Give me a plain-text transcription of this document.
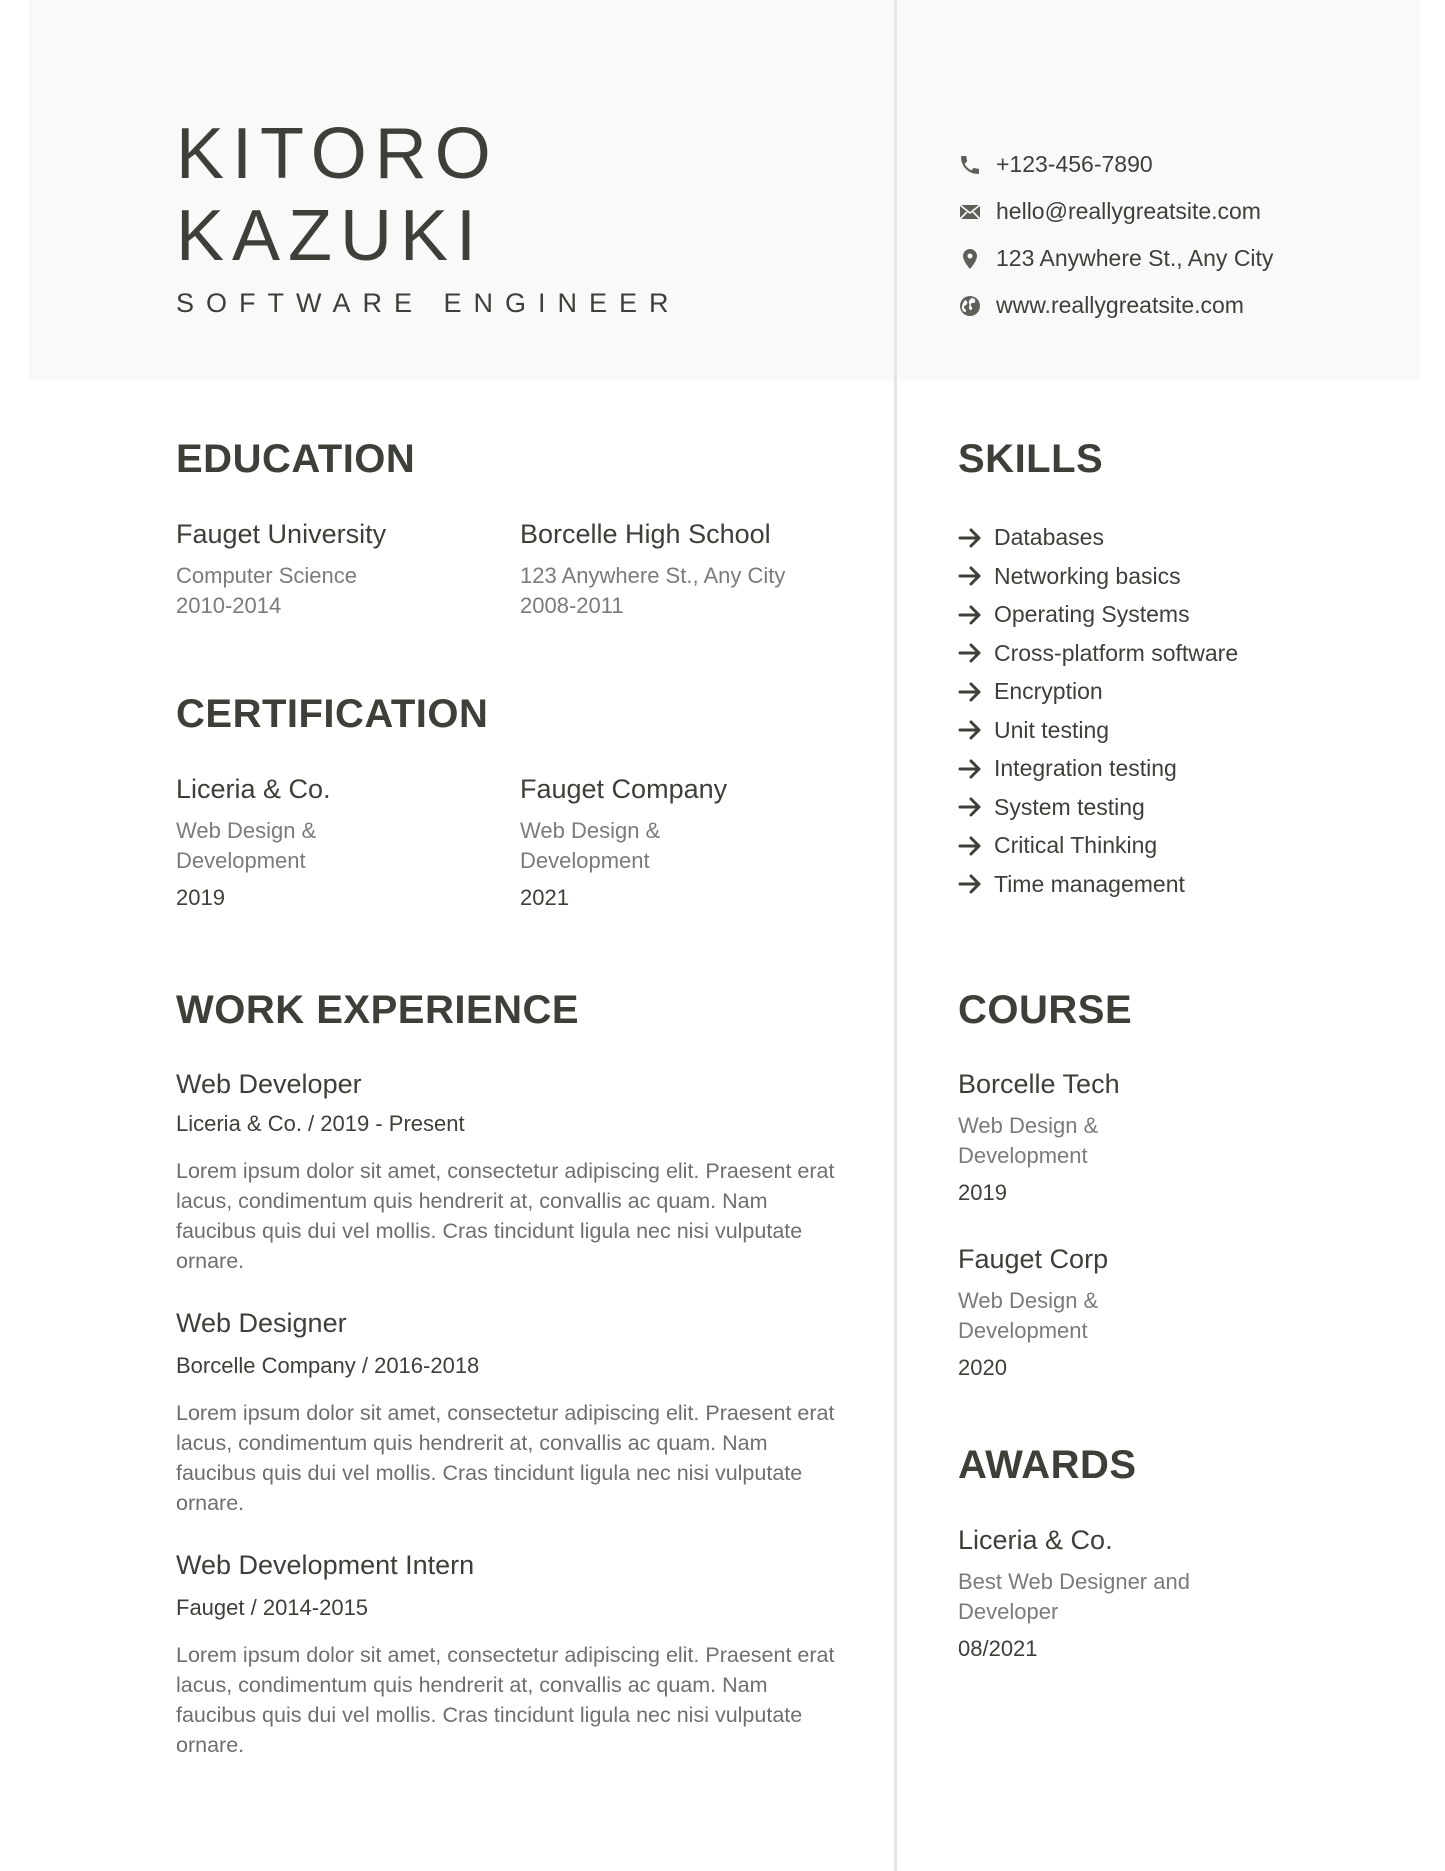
KITORO
KAZUKI
SOFTWARE ENGINEER
+123-456-7890
hello@reallygreatsite.com
123 Anywhere St., Any City
www.reallygreatsite.com
EDUCATION
Fauget University
Computer Science
2010-2014
Borcelle High School
123 Anywhere St., Any City
2008-2011
CERTIFICATION
Liceria & Co.
Web Design &
Development
2019
Fauget Company
Web Design &
Development
2021
WORK EXPERIENCE
Web Developer
Liceria & Co. / 2019 - Present
Lorem ipsum dolor sit amet, consectetur adipiscing elit. Praesent erat lacus, condimentum quis hendrerit at, convallis ac quam. Nam faucibus quis dui vel mollis. Cras tincidunt ligula nec nisi vulputate ornare.
Web Designer
Borcelle Company / 2016-2018
Lorem ipsum dolor sit amet, consectetur adipiscing elit. Praesent erat lacus, condimentum quis hendrerit at, convallis ac quam. Nam faucibus quis dui vel mollis. Cras tincidunt ligula nec nisi vulputate ornare.
Web Development Intern
Fauget / 2014-2015
Lorem ipsum dolor sit amet, consectetur adipiscing elit. Praesent erat lacus, condimentum quis hendrerit at, convallis ac quam. Nam faucibus quis dui vel mollis. Cras tincidunt ligula nec nisi vulputate ornare.
SKILLS
Databases
Networking basics
Operating Systems
Cross-platform software
Encryption
Unit testing
Integration testing
System testing
Critical Thinking
Time management
COURSE
Borcelle Tech
Web Design &
Development
2019
Fauget Corp
Web Design &
Development
2020
AWARDS
Liceria & Co.
Best Web Designer and
Developer
08/2021
